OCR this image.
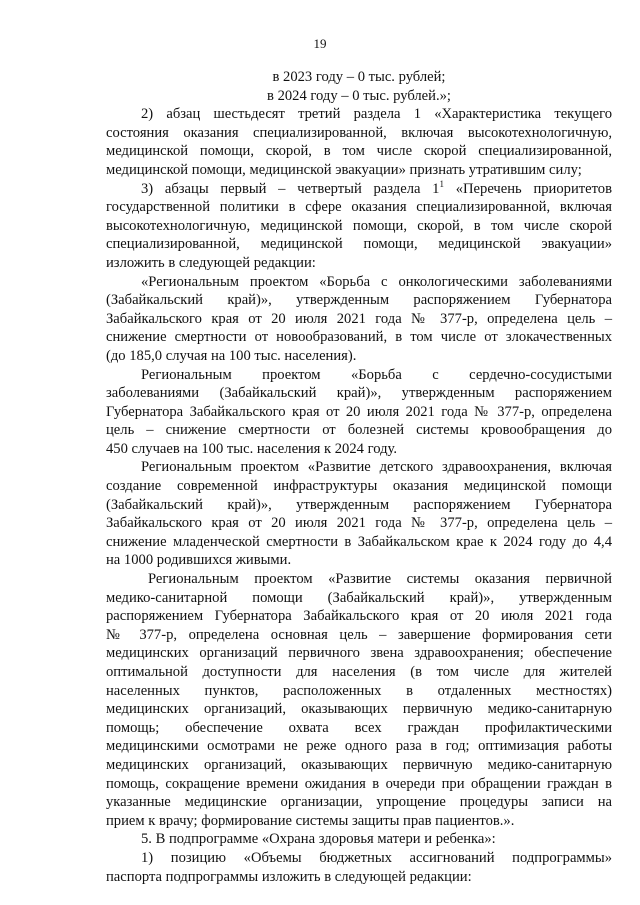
19
в 2023 году – 0 тыс. рублей;
в 2024 году – 0 тыс. рублей.»;
2) абзац шестьдесят третий раздела 1 «Характеристика текущего
состояния оказания специализированной, включая высокотехнологичную,
медицинской помощи, скорой, в том числе скорой специализированной,
медицинской помощи, медицинской эвакуации» признать утратившим силу;
3) абзацы первый – четвертый раздела $1^1$ «Перечень приоритетов
государственной политики в сфере оказания специализированной, включая
высокотехнологичную, медицинской помощи, скорой, в том числе скорой
специализированной, медицинской помощи, медицинской эвакуации»
изложить в следующей редакции:
«Региональным проектом «Борьба с онкологическими заболеваниями
(Забайкальский край)», утвержденным распоряжением Губернатора
Забайкальского края от 20 июля 2021 года № 377-р, определена цель –
снижение смертности от новообразований, в том числе от злокачественных
(до 185,0 случая на 100 тыс. населения).
Региональным проектом «Борьба с сердечно-сосудистыми
заболеваниями (Забайкальский край)», утвержденным распоряжением
Губернатора Забайкальского края от 20 июля 2021 года № 377-р, определена
цель – снижение смертности от болезней системы кровообращения до
450 случаев на 100 тыс. населения к 2024 году.
Региональным проектом «Развитие детского здравоохранения, включая
создание современной инфраструктуры оказания медицинской помощи
(Забайкальский край)», утвержденным распоряжением Губернатора
Забайкальского края от 20 июля 2021 года № 377-р, определена цель –
снижение младенческой смертности в Забайкальском крае к 2024 году до 4,4
на 1000 родившихся живыми.
Региональным проектом «Развитие системы оказания первичной
медико-санитарной помощи (Забайкальский край)», утвержденным
распоряжением Губернатора Забайкальского края от 20 июля 2021 года
№ 377-р, определена основная цель – завершение формирования сети
медицинских организаций первичного звена здравоохранения; обеспечение
оптимальной доступности для населения (в том числе для жителей
населенных пунктов, расположенных в отдаленных местностях)
медицинских организаций, оказывающих первичную медико-санитарную
помощь; обеспечение охвата всех граждан профилактическими
медицинскими осмотрами не реже одного раза в год; оптимизация работы
медицинских организаций, оказывающих первичную медико-санитарную
помощь, сокращение времени ожидания в очереди при обращении граждан в
указанные медицинские организации, упрощение процедуры записи на
прием к врачу; формирование системы защиты прав пациентов.».
5. В подпрограмме «Охрана здоровья матери и ребенка»:
1) позицию «Объемы бюджетных ассигнований подпрограммы»
паспорта подпрограммы изложить в следующей редакции:
